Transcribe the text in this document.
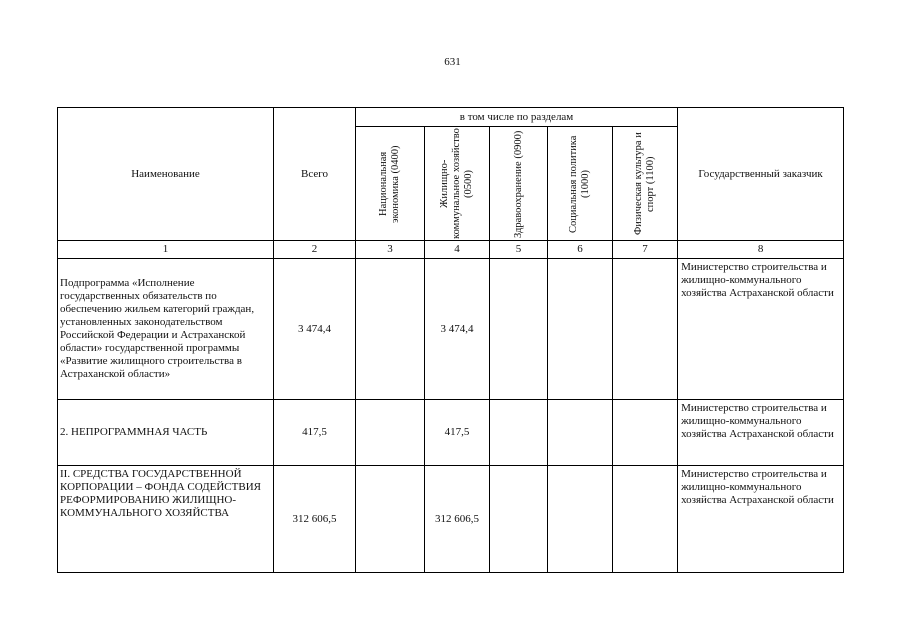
631
Наименование	Всего	в том числе по разделам					Государственный заказчик

Национальная экономика (0400)	Жилищно-коммунальное хозяйство (0500)	Здравоохранение (0900)	Социальная политика (1000)	Физическая культура и спорт (1100)	

1	2	3	4	5	6	7	8
Подпрограмма «Исполнение государственных обязательств по обеспечению жильем категорий граждан, установленных законодательством Российской Федерации и Астраханской области» государственной программы «Развитие жилищного строительства в Астраханской области»	3 474,4		3 474,4				Министерство строительства и жилищно-коммунального хозяйства Астраханской области
2. НЕПРОГРАММНАЯ ЧАСТЬ	417,5		417,5				Министерство строительства и жилищно-коммунального хозяйства Астраханской области
II. СРЕДСТВА ГОСУДАРСТВЕННОЙ КОРПОРАЦИИ – ФОНДА СОДЕЙСТВИЯ РЕФОРМИРОВАНИЮ ЖИЛИЩНО-КОММУНАЛЬНОГО ХОЗЯЙСТВА	312 606,5		312 606,5				Министерство строительства и жилищно-коммунального хозяйства Астраханской области
